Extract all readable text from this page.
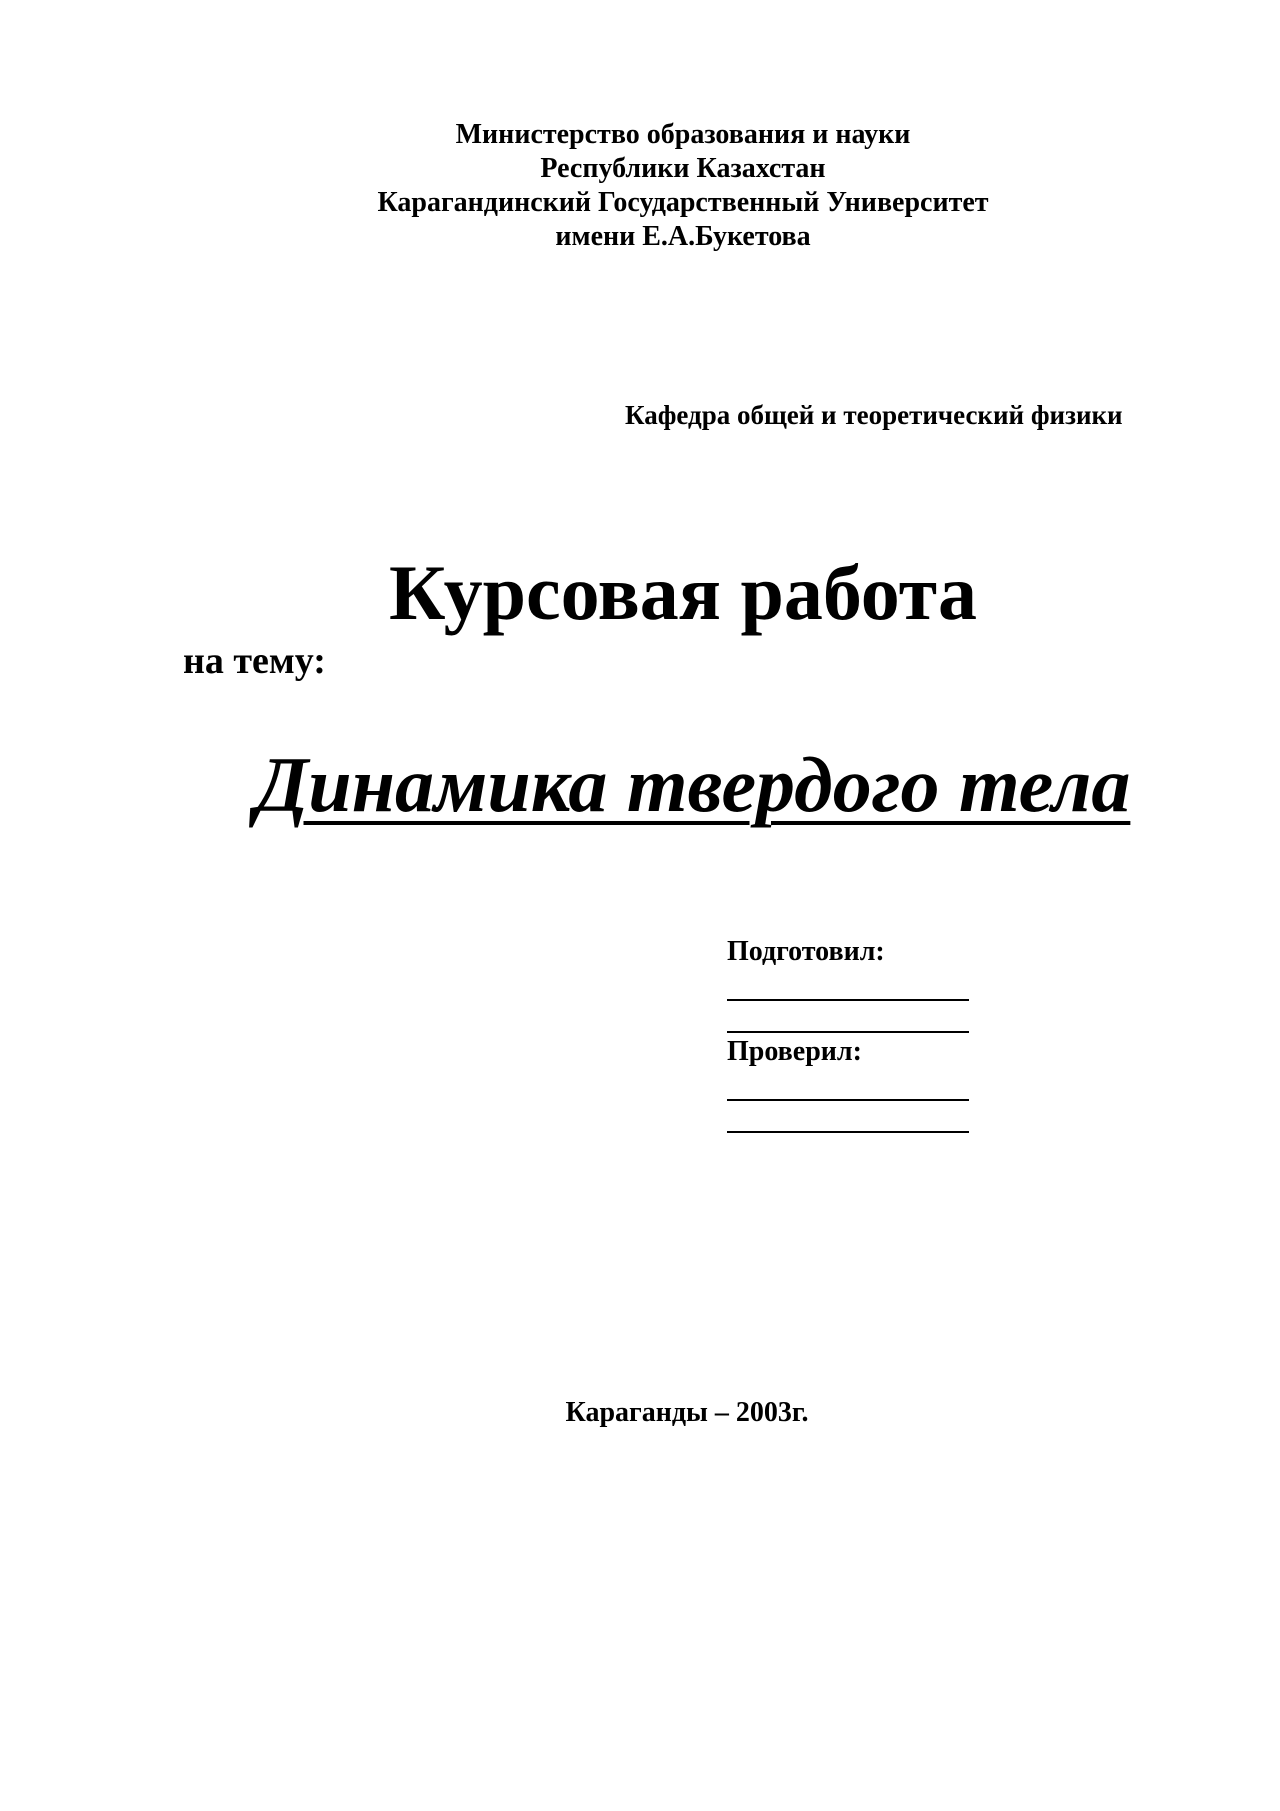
Министерство образования и науки
Республики Казахстан
Карагандинский Государственный Университет
имени Е.А.Букетова
Кафедра общей и теоретический физики
Курсовая работа
на тему:
Динамика твердого тела
Подготовил:
Проверил:
Караганды – 2003г.
